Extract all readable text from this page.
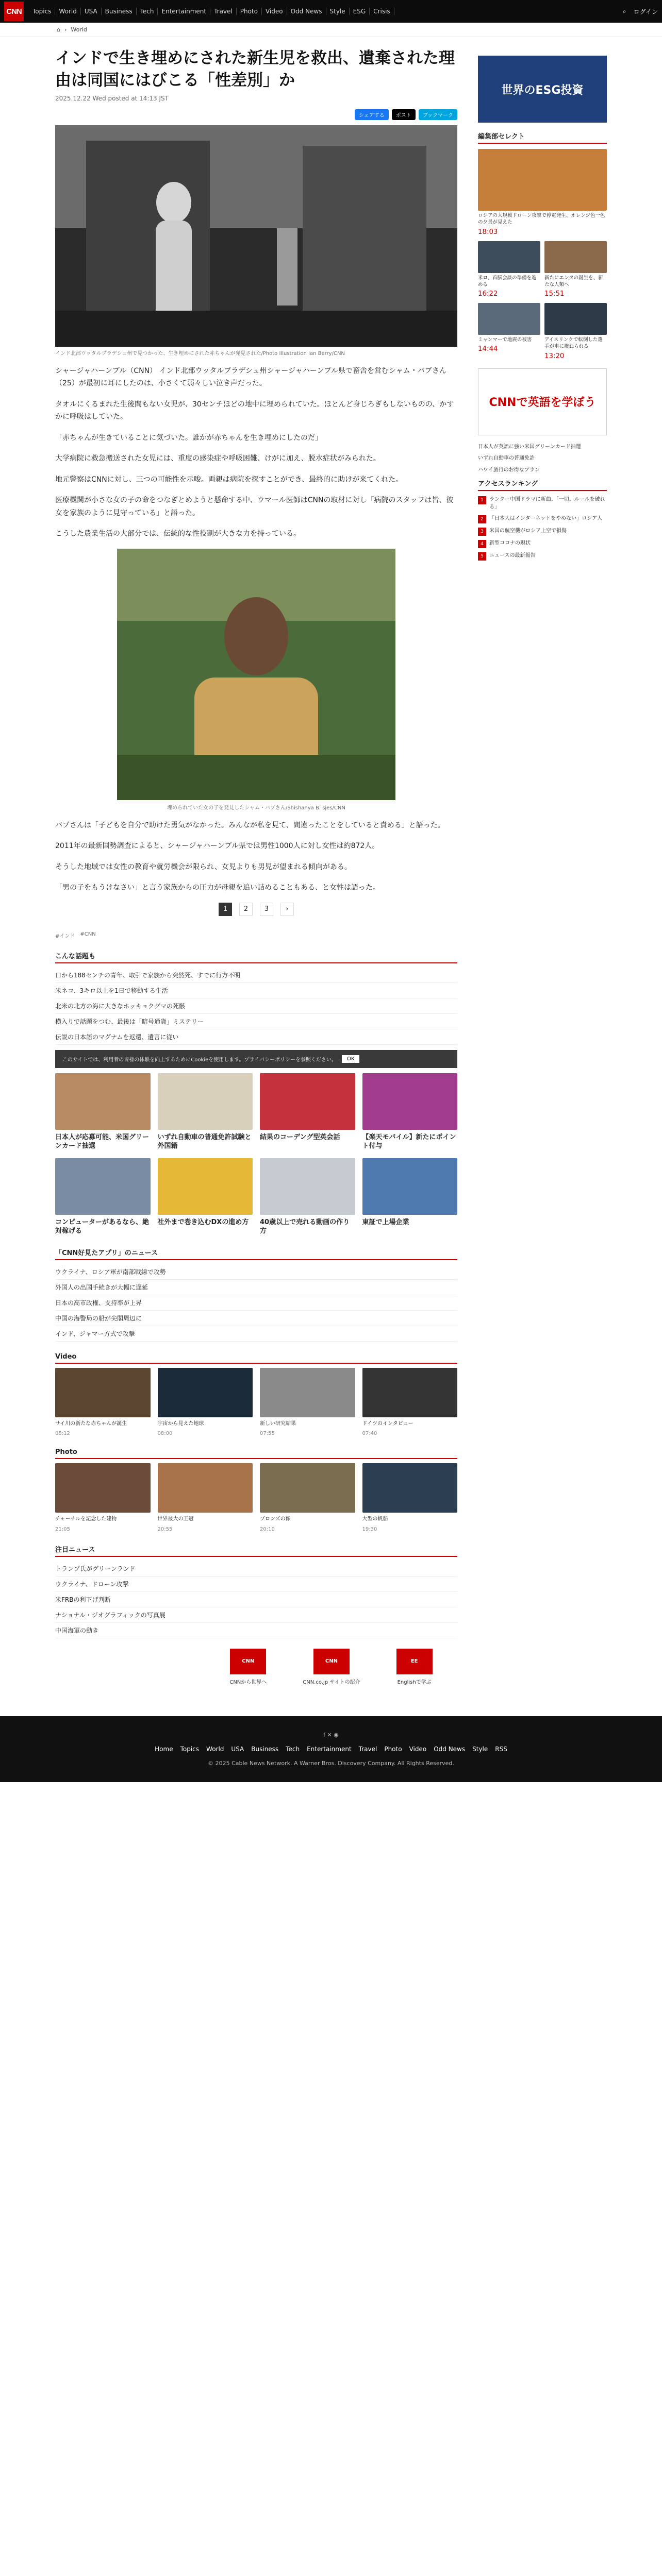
CNN	Topics	World	USA	Business	Tech	Entertainment	Travel	Photo	Video	Odd News	Style	ESG	Crisis	⌕ ログイン
⌂ › World
インドで生き埋めにされた新生児を救出、遺棄された理由は同国にはびこる「性差別」か
2025.12.22 Wed posted at 14:13 JST
シェアする	ポスト	ブックマーク
インド北部ウッタルプラデシュ州で見つかった、生き埋めにされた赤ちゃんが発見された/Photo Illustration Ian Berry/CNN

シャージャハーンプル（CNN） インド北部ウッタルプラデシュ州シャージャハーンプル県で畜舎を営むシャム・バブさん（25）が最初に耳にしたのは、小さくて弱々しい泣き声だった。

タオルにくるまれた生後間もない女児が、30センチほどの地中に埋められていた。ほとんど身じろぎもしないものの、かすかに呼吸はしていた。

「赤ちゃんが生きていることに気づいた。誰かが赤ちゃんを生き埋めにしたのだ」

大学病院に救急搬送された女児には、重度の感染症や呼吸困難、けがに加え、脱水症状がみられた。

地元警察はCNNに対し、三つの可能性を示唆。両親は病院を探すことができ、最終的に助けが来てくれた。

医療機関が小さな女の子の命をつなぎとめようと懸命する中、ウマール医師はCNNの取材に対し「病院のスタッフは皆、彼女を家族のように見守っている」と語った。

こうした農業生活の大部分では、伝統的な性役割が大きな力を持っている。

埋められていた女の子を発見したシャム・バブさん/Shishanya B. sjes/CNN

バブさんは「子どもを自分で助けた勇気がなかった。みんなが私を見て、間違ったことをしていると責める」と語った。

2011年の最新国勢調査によると、シャージャハーンプル県では男性1000人に対し女性は約872人。

そうした地域では女性の教育や就労機会が限られ、女児よりも男児が望まれる傾向がある。

「男の子をもうけなさい」と言う家族からの圧力が母親を追い詰めることもある、と女性は語った。

1	2	3	›
#インド #CNN
こんな話題も
口から188センチの青年、取引で家族から突然死、すでに行方不明
米ネコ、3キロ以上を1日で移動する生活
北米の北方の海に大きなホッキョクグマの死骸
横入りで話題をつむ、最後は「暗号通貨」ミステリー
伝説の日本語のマグナムを返還、遺言に従い
このサイトでは、利用者の皆様の体験を向上するためにCookieを使用します。プライバシーポリシーを参照ください。	OK

日本人が応募可能、米国グリーンカード抽選

いずれ自動車の普通免許試験と外国籍

結果のコーデング型英会話	【楽天モバイル】新たにポイント付与

コンピューターがあるなら、絶対稼げる

社外まで巻き込むDXの進め方	40歳以上で売れる動画の作り方

東証で上場企業

「CNN好見たアプリ」のニュース
ウクライナ、ロシア軍が南部戦線で攻勢
外国人の出国手続きが大幅に遅延
日本の高市政権、支持率が上昇
中国の海警局の船が尖閣周辺に
インド、ジャマー方式で攻撃
Video

サイ川の新たな赤ちゃんが誕生

08:12

宇宙から見えた地球

08:00

新しい研究結果

07:55

ドイツのインタビュー

07:40
Photo

チャーチルを記念した建物

21:05

世界最大の王冠

20:55

ブロンズの像

20:10

大型の帆船

19:30
注目ニュース
トランプ氏がグリーンランド
ウクライナ、ドローン攻撃
米FRBの利下げ判断
ナショナル・ジオグラフィックの写真展
中国海軍の動き
世界のESG投資
編集部セレクト

ロシアの大規模ドローン攻撃で停電発生、オレンジ色一色の夕景が見えた

18:03

米ロ、首脳会談の準備を進める

16:22

新たにエンタの誕生を、新たな人類へ

15:51

ミャンマーで地震の被害

14:44

アイスリンクで転倒した選手が車に撥ねられる

13:20
CNNで英語を学ぼう
日本人が英語に強い米国グリーンカード抽選
いずれ自動車の普通免許
ハワイ旅行のお得なプラン
アクセスランキング
1	ランクー中国ドラマに新曲、「一切、ルールを破れる」
2	「日本人はインターネットをやめない」ロシア人
3	米国の航空機がロシア上空で損傷
4	新型コロナの現状
5	ニュースの最新報告
CNN
CNNから世界へ
CNN
CNN.co.jp サイトの紹介
EE
Englishで学ぶ
f ✕ ◉
Home Topics World USA Business Tech Entertainment Travel Photo Video Odd News Style RSS
© 2025 Cable News Network. A Warner Bros. Discovery Company. All Rights Reserved.
